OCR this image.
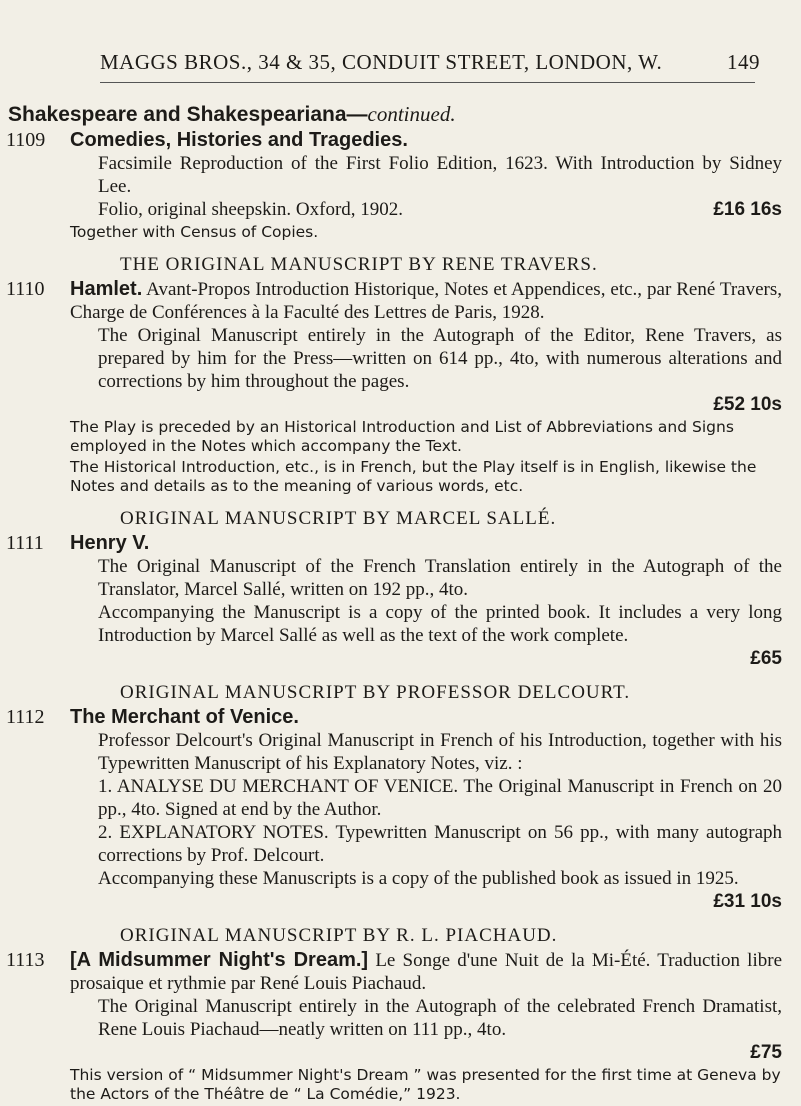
MAGGS BROS., 34 & 35, CONDUIT STREET, LONDON, W.	149
Shakespeare and Shakespeariana—continued.
1109 Comedies, Histories and Tragedies.

Facsimile Reproduction of the First Folio Edition, 1623. With Introduction by Sidney Lee.

Folio, original sheepskin. Oxford, 1902.	£16 16s

Together with Census of Copies.

THE ORIGINAL MANUSCRIPT BY RENE TRAVERS.
1110 Hamlet. Avant-Propos Introduction Historique, Notes et Appendices, etc., par René Travers, Charge de Conférences à la Faculté des Lettres de Paris, 1928.

The Original Manuscript entirely in the Autograph of the Editor, Rene Travers, as prepared by him for the Press—written on 614 pp., 4to, with numerous alterations and corrections by him throughout the pages.

£52 10s

The Play is preceded by an Historical Introduction and List of Abbreviations and Signs employed in the Notes which accompany the Text.

The Historical Introduction, etc., is in French, but the Play itself is in English, likewise the Notes and details as to the meaning of various words, etc.

ORIGINAL MANUSCRIPT BY MARCEL SALLÉ.
1111 Henry V.

The Original Manuscript of the French Translation entirely in the Autograph of the Translator, Marcel Sallé, written on 192 pp., 4to.

Accompanying the Manuscript is a copy of the printed book. It includes a very long Introduction by Marcel Sallé as well as the text of the work complete.

£65

ORIGINAL MANUSCRIPT BY PROFESSOR DELCOURT.
1112 The Merchant of Venice.

Professor Delcourt's Original Manuscript in French of his Introduction, together with his Typewritten Manuscript of his Explanatory Notes, viz. :

1. ANALYSE DU MERCHANT OF VENICE. The Original Manuscript in French on 20 pp., 4to. Signed at end by the Author.

2. EXPLANATORY NOTES. Typewritten Manuscript on 56 pp., with many autograph corrections by Prof. Delcourt.

Accompanying these Manuscripts is a copy of the published book as issued in 1925.

£31 10s

ORIGINAL MANUSCRIPT BY R. L. PIACHAUD.
1113 [A Midsummer Night's Dream.] Le Songe d'une Nuit de la Mi-Été. Traduction libre prosaique et rythmie par René Louis Piachaud.

The Original Manuscript entirely in the Autograph of the celebrated French Dramatist, Rene Louis Piachaud—neatly written on 111 pp., 4to.

£75

This version of “ Midsummer Night's Dream ” was presented for the first time at Geneva by the Actors of the Théâtre de “ La Comédie,” 1923.
